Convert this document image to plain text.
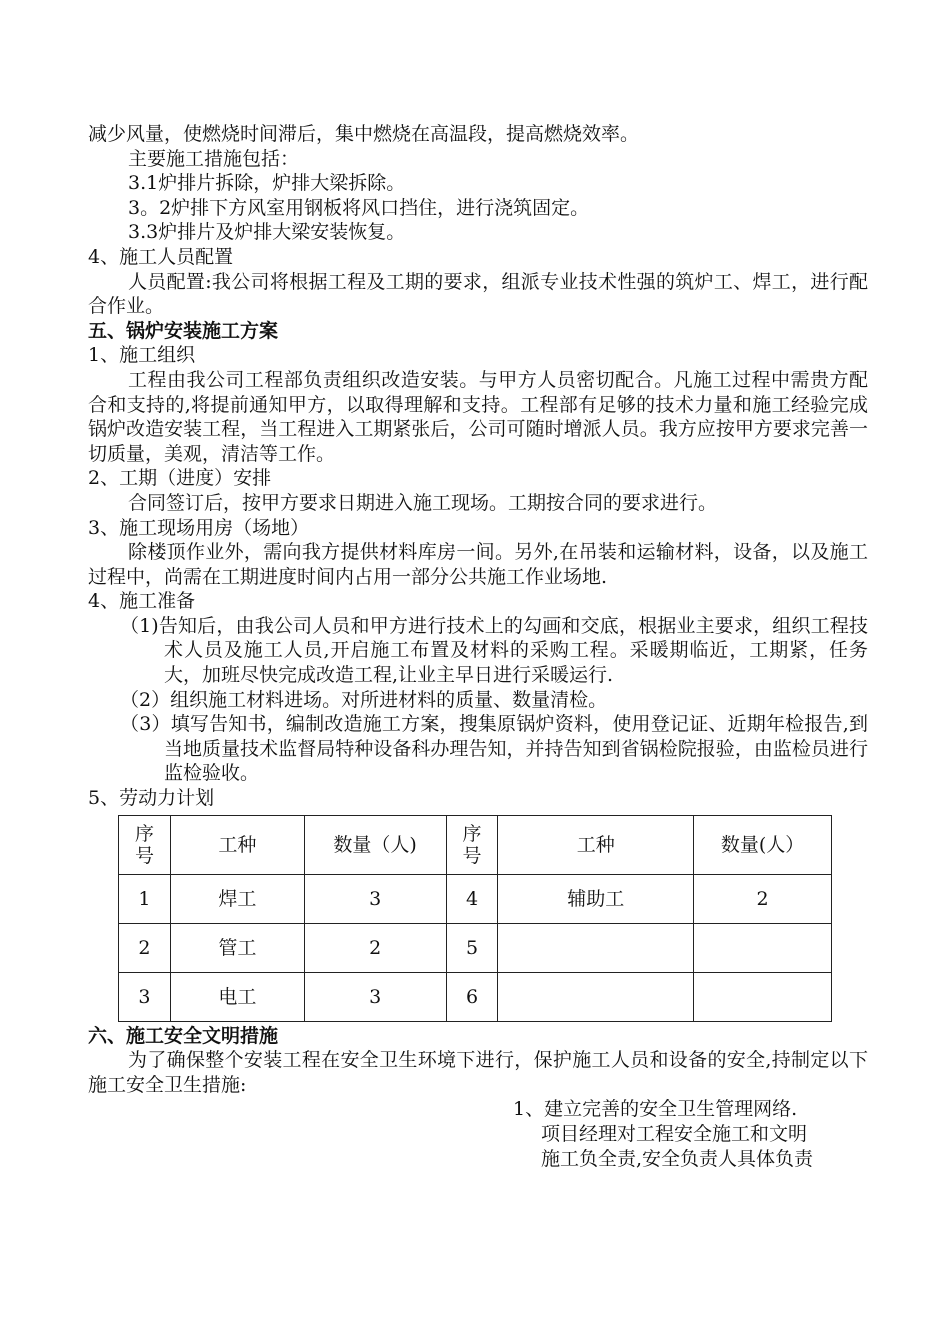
减少风量，使燃烧时间滞后，集中燃烧在高温段，提高燃烧效率。

主要施工措施包括：

3.1炉排片拆除，炉排大梁拆除。

3。2炉排下方风室用钢板将风口挡住，进行浇筑固定。

3.3炉排片及炉排大梁安装恢复。

4、施工人员配置

人员配置:我公司将根据工程及工期的要求，组派专业技术性强的筑炉工、焊工，进行配合作业。

五、锅炉安装施工方案

1、施工组织

工程由我公司工程部负责组织改造安装。与甲方人员密切配合。凡施工过程中需贵方配合和支持的,将提前通知甲方，以取得理解和支持。工程部有足够的技术力量和施工经验完成锅炉改造安装工程，当工程进入工期紧张后，公司可随时增派人员。我方应按甲方要求完善一切质量，美观，清洁等工作。

2、工期（进度）安排

合同签订后，按甲方要求日期进入施工现场。工期按合同的要求进行。

3、施工现场用房（场地）

除楼顶作业外，需向我方提供材料库房一间。另外,在吊装和运输材料，设备，以及施工过程中，尚需在工期进度时间内占用一部分公共施工作业场地.

4、施工准备

（1)告知后，由我公司人员和甲方进行技术上的勾画和交底，根据业主要求，组织工程技术人员及施工人员,开启施工布置及材料的采购工程。采暖期临近，工期紧，任务大，加班尽快完成改造工程,让业主早日进行采暖运行.

（2）组织施工材料进场。对所进材料的质量、数量清检。

（3）填写告知书，编制改造施工方案，搜集原锅炉资料，使用登记证、近期年检报告,到当地质量技术监督局特种设备科办理告知，并持告知到省锅检院报验，由监检员进行监检验收。

5、劳动力计划

序号	工种	数量（人)	序号	工种	数量(人）
1	焊工	3	4	辅助工	2
2	管工	2	5		
3	电工	3	6		

六、施工安全文明措施

为了确保整个安装工程在安全卫生环境下进行，保护施工人员和设备的安全,持制定以下施工安全卫生措施:

1、建立完善的安全卫生管理网络.

项目经理对工程安全施工和文明

施工负全责,安全负责人具体负责
